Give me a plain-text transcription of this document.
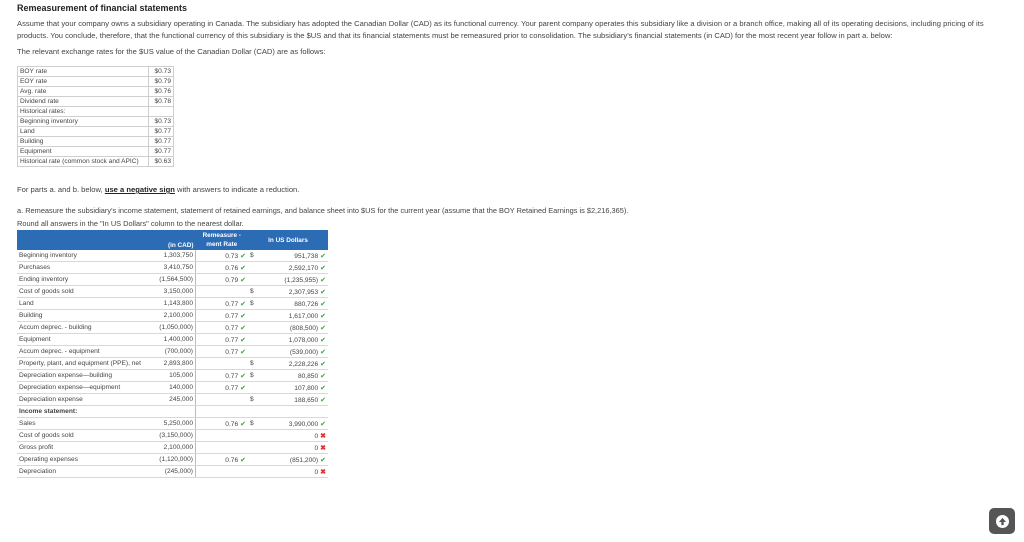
Remeasurement of financial statements
Assume that your company owns a subsidiary operating in Canada. The subsidiary has adopted the Canadian Dollar (CAD) as its functional currency. Your parent company operates this subsidiary like a division or a branch office, making all of its operating decisions, including pricing of its products. You conclude, therefore, that the functional currency of this subsidiary is the $US and that its financial statements must be remeasured prior to consolidation. The subsidiary's financial statements (in CAD) for the most recent year follow in part a. below:
The relevant exchange rates for the $US value of the Canadian Dollar (CAD) are as follows:
BOY rate	$0.73
EOY rate	$0.79
Avg. rate	$0.76
Dividend rate	$0.78
Historical rates:	
Beginning inventory	$0.73
Land	$0.77
Building	$0.77
Equipment	$0.77
Historical rate (common stock and APIC)	$0.63
For parts a. and b. below, use a negative sign with answers to indicate a reduction.
a. Remeasure the subsidiary's income statement, statement of retained earnings, and balance sheet into $US for the current year (assume that the BOY Retained Earnings is $2,216,365).
Round all answers in the "In US Dollars" column to the nearest dollar.
	(in CAD)	Remeasure -ment Rate	In US Dollars
Beginning inventory	1,303,750	0.73 ✔	$ 951,738 ✔
Purchases	3,410,750	0.76 ✔	2,592,170 ✔
Ending inventory	(1,564,500)	0.79 ✔	(1,235,955) ✔
Cost of goods sold	3,150,000		$ 2,307,953 ✔
Land	1,143,800	0.77 ✔	$ 880,726 ✔
Building	2,100,000	0.77 ✔	1,617,000 ✔
Accum deprec. - building	(1,050,000)	0.77 ✔	(808,500) ✔
Equipment	1,400,000	0.77 ✔	1,078,000 ✔
Accum deprec. - equipment	(700,000)	0.77 ✔	(539,000) ✔
Property, plant, and equipment (PPE), net	2,893,800		$ 2,228,226 ✔
Depreciation expense—building	105,000	0.77 ✔	$ 80,850 ✔
Depreciation expense—equipment	140,000	0.77 ✔	107,800 ✔
Depreciation expense	245,000		$ 188,650 ✔
Income statement:			
Sales	5,250,000	0.76 ✔	$ 3,990,000 ✔
Cost of goods sold	(3,150,000)		0 ✖
Gross profit	2,100,000		0 ✖
Operating expenses	(1,120,000)	0.76 ✔	(851,200) ✔
Depreciation	(245,000)		0 ✖
